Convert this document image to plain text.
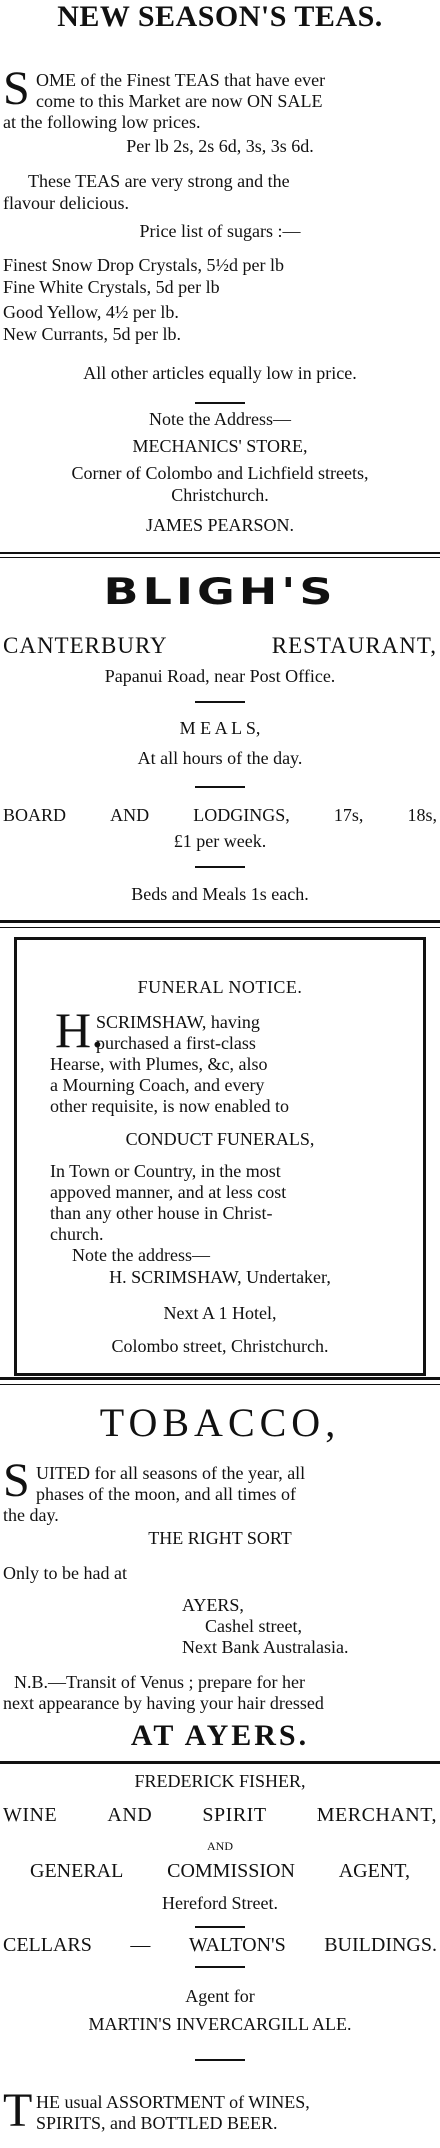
NEW SEASON'S TEAS.
S OME of the Finest TEAS that have ever
come to this Market are now ON SALE
at the following low prices.
Per lb 2s, 2s 6d, 3s, 3s 6d.
These TEAS are very strong and the
flavour delicious.
Price list of sugars :—
Finest Snow Drop Crystals, 5½d per lb
Fine White Crystals, 5d per lb
Good Yellow, 4½ per lb.
New Currants, 5d per lb.
All other articles equally low in price.
Note the Address—
MECHANICS' STORE,
Corner of Colombo and Lichfield streets,
Christchurch.
JAMES PEARSON.
BLIGH'S
CANTERBURY	RESTAURANT,
Papanui Road, near Post Office.
M E A L S,
At all hours of the day.
BOARD AND LODGINGS, 17s, 18s,
£1 per week.
Beds and Meals 1s each.
FUNERAL NOTICE.
H.
SCRIMSHAW, having
purchased a first-class
Hearse, with Plumes, &c, also
a Mourning Coach, and every
other requisite, is now enabled to
CONDUCT FUNERALS,
In Town or Country, in the most
appoved manner, and at less cost
than any other house in Christ-
church.
Note the address—
H. SCRIMSHAW, Undertaker,
Next A 1 Hotel,
Colombo street, Christchurch.
TOBACCO,
S UITED for all seasons of the year, all
phases of the moon, and all times of
the day.
THE RIGHT SORT
Only to be had at
AYERS,
Cashel street,
Next Bank Australasia.
N.B.—Transit of Venus ; prepare for her
next appearance by having your hair dressed
AT AYERS.
FREDERICK FISHER,
WINE	AND	SPIRIT	MERCHANT,
AND
GENERAL COMMISSION AGENT,
Hereford Street.
CELLARS — WALTON'S BUILDINGS.
Agent for
MARTIN'S INVERCARGILL ALE.
T HE usual ASSORTMENT of WINES,
SPIRITS, and BOTTLED BEER.
